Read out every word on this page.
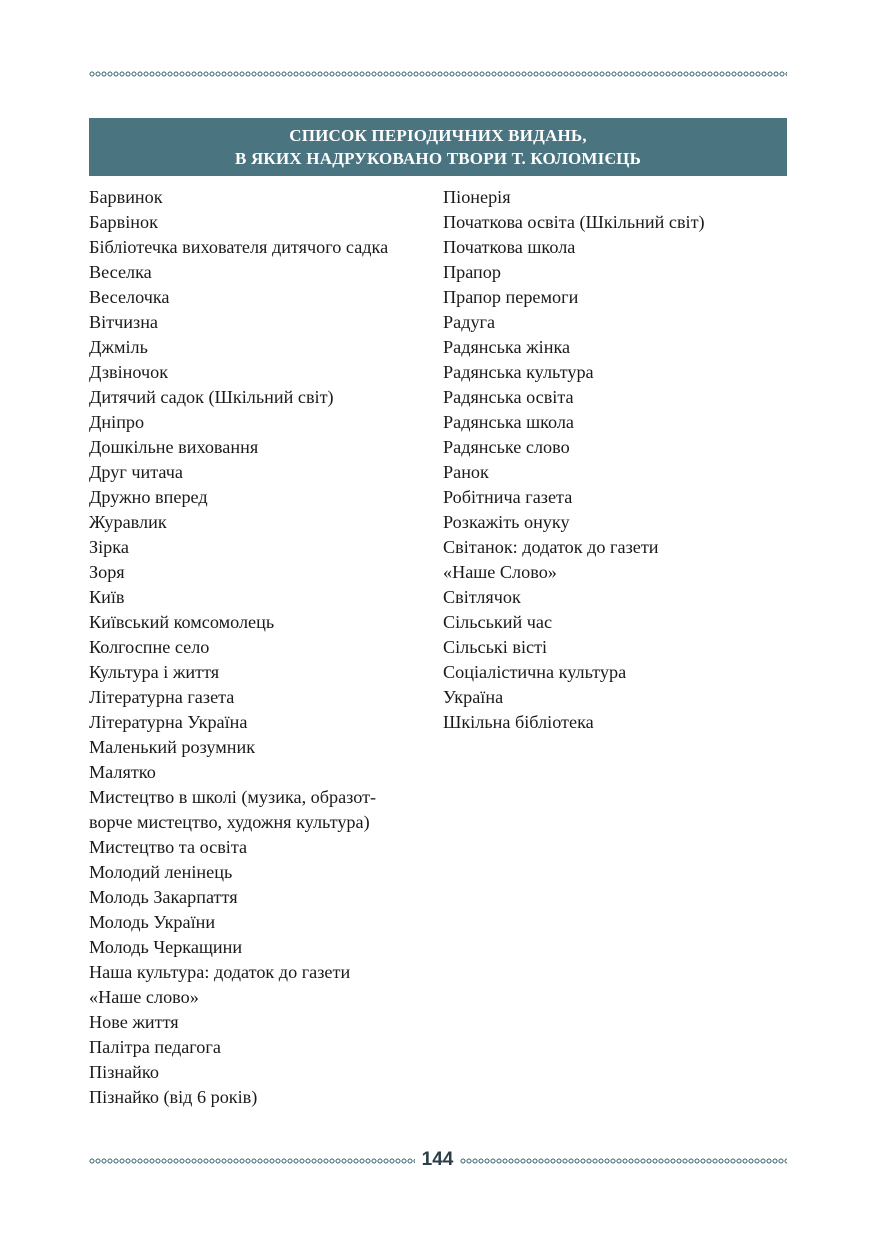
СПИСОК ПЕРІОДИЧНИХ ВИДАНЬ,
В ЯКИХ НАДРУКОВАНО ТВОРИ Т. КОЛОМІЄЦЬ
Барвинок
Барвінок
Бібліотечка вихователя дитячого садка
Веселка
Веселочка
Вітчизна
Джміль
Дзвіночок
Дитячий садок (Шкільний світ)
Дніпро
Дошкільне виховання
Друг читача
Дружно вперед
Журавлик
Зірка
Зоря
Київ
Київський комсомолець
Колгоспне село
Культура і життя
Літературна газета
Літературна Україна
Маленький розумник
Малятко
Мистецтво в школі (музика, образот-
ворче мистецтво, художня культура)
Мистецтво та освіта
Молодий ленінець
Молодь Закарпаття
Молодь України
Молодь Черкащини
Наша культура: додаток до газети
«Наше слово»
Нове життя
Палітра педагога
Пізнайко
Пізнайко (від 6 років)
Піонерія
Початкова освіта (Шкільний світ)
Початкова школа
Прапор
Прапор перемоги
Радуга
Радянська жінка
Радянська культура
Радянська освіта
Радянська школа
Радянське слово
Ранок
Робітнича газета
Розкажіть онуку
Світанок: додаток до газети
«Наше Слово»
Світлячок
Сільський час
Сільські вісті
Соціалістична культура
Україна
Шкільна бібліотека
144
